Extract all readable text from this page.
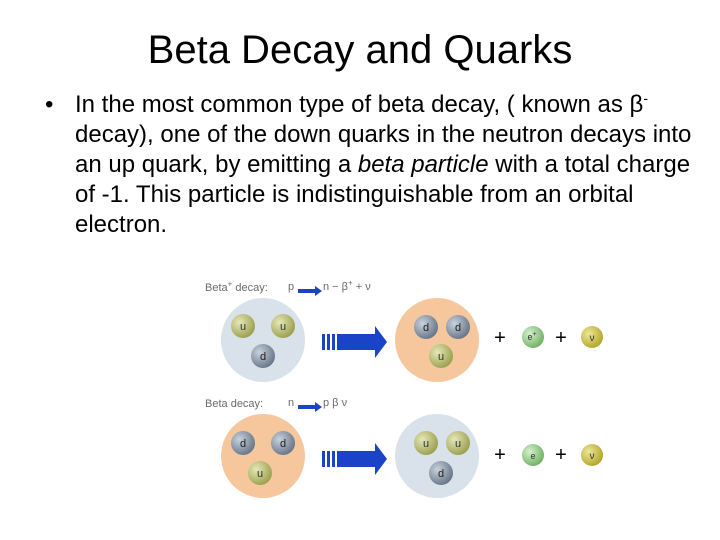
Beta Decay and Quarks
• In the most common type of beta decay, ( known as β- decay), one of the down quarks in the neutron decays into an up quark, by emitting a beta particle with a total charge of -1. This particle is indistinguishable from an orbital electron.
Beta+ decay: p	n − β+ + ν
Beta decay: n	p β ν
u	u
d
d d
u
+ e+ + ν
d	d
u
u u
d
+	e + ν
